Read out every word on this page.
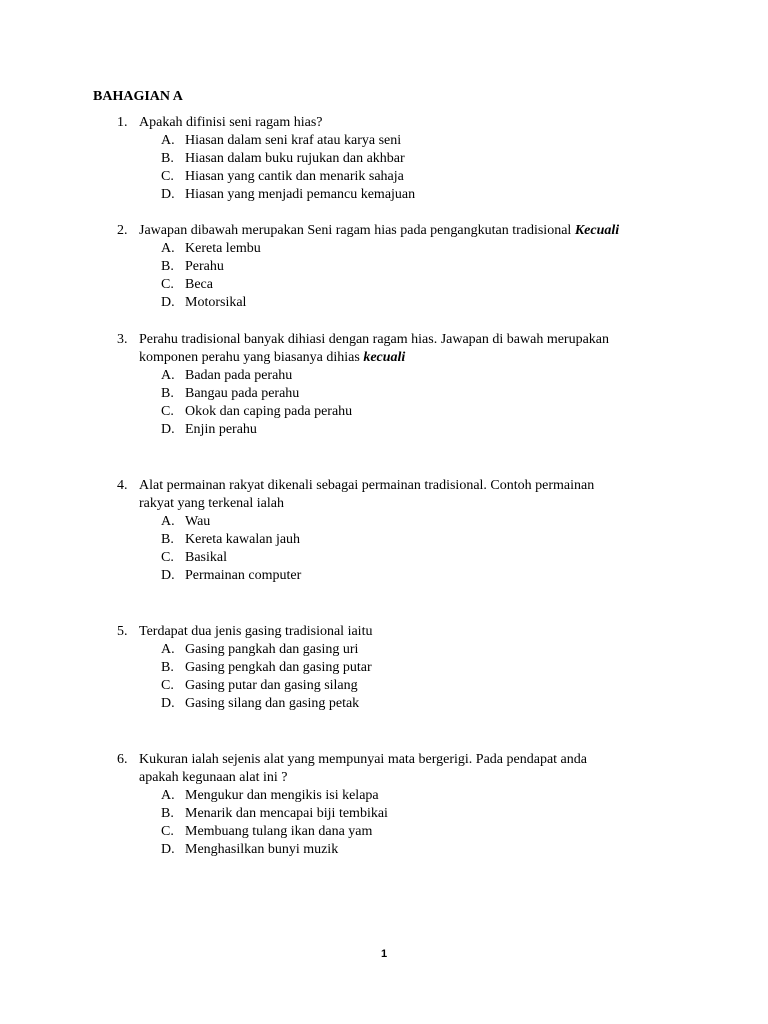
BAHAGIAN A
1. Apakah difinisi seni ragam hias?
A. Hiasan dalam seni kraf atau karya seni
B. Hiasan dalam buku rujukan dan akhbar
C. Hiasan yang cantik dan menarik sahaja
D. Hiasan yang menjadi pemancu kemajuan
2. Jawapan dibawah merupakan Seni ragam hias pada pengangkutan tradisional Kecuali
A. Kereta lembu
B. Perahu
C. Beca
D. Motorsikal
3. Perahu tradisional banyak dihiasi dengan ragam hias. Jawapan di bawah merupakan
komponen perahu yang biasanya dihias kecuali
A. Badan pada perahu
B. Bangau pada perahu
C. Okok dan caping pada perahu
D. Enjin perahu
4. Alat permainan rakyat dikenali sebagai permainan tradisional. Contoh permainan
rakyat yang terkenal ialah
A. Wau
B. Kereta kawalan jauh
C. Basikal
D. Permainan computer
5. Terdapat dua jenis gasing tradisional iaitu
A. Gasing pangkah dan gasing uri
B. Gasing pengkah dan gasing putar
C. Gasing putar dan gasing silang
D. Gasing silang dan gasing petak
6. Kukuran ialah sejenis alat yang mempunyai mata bergerigi. Pada pendapat anda
apakah kegunaan alat ini ?
A. Mengukur dan mengikis isi kelapa
B. Menarik dan mencapai biji tembikai
C. Membuang tulang ikan dana yam
D. Menghasilkan bunyi muzik
1
